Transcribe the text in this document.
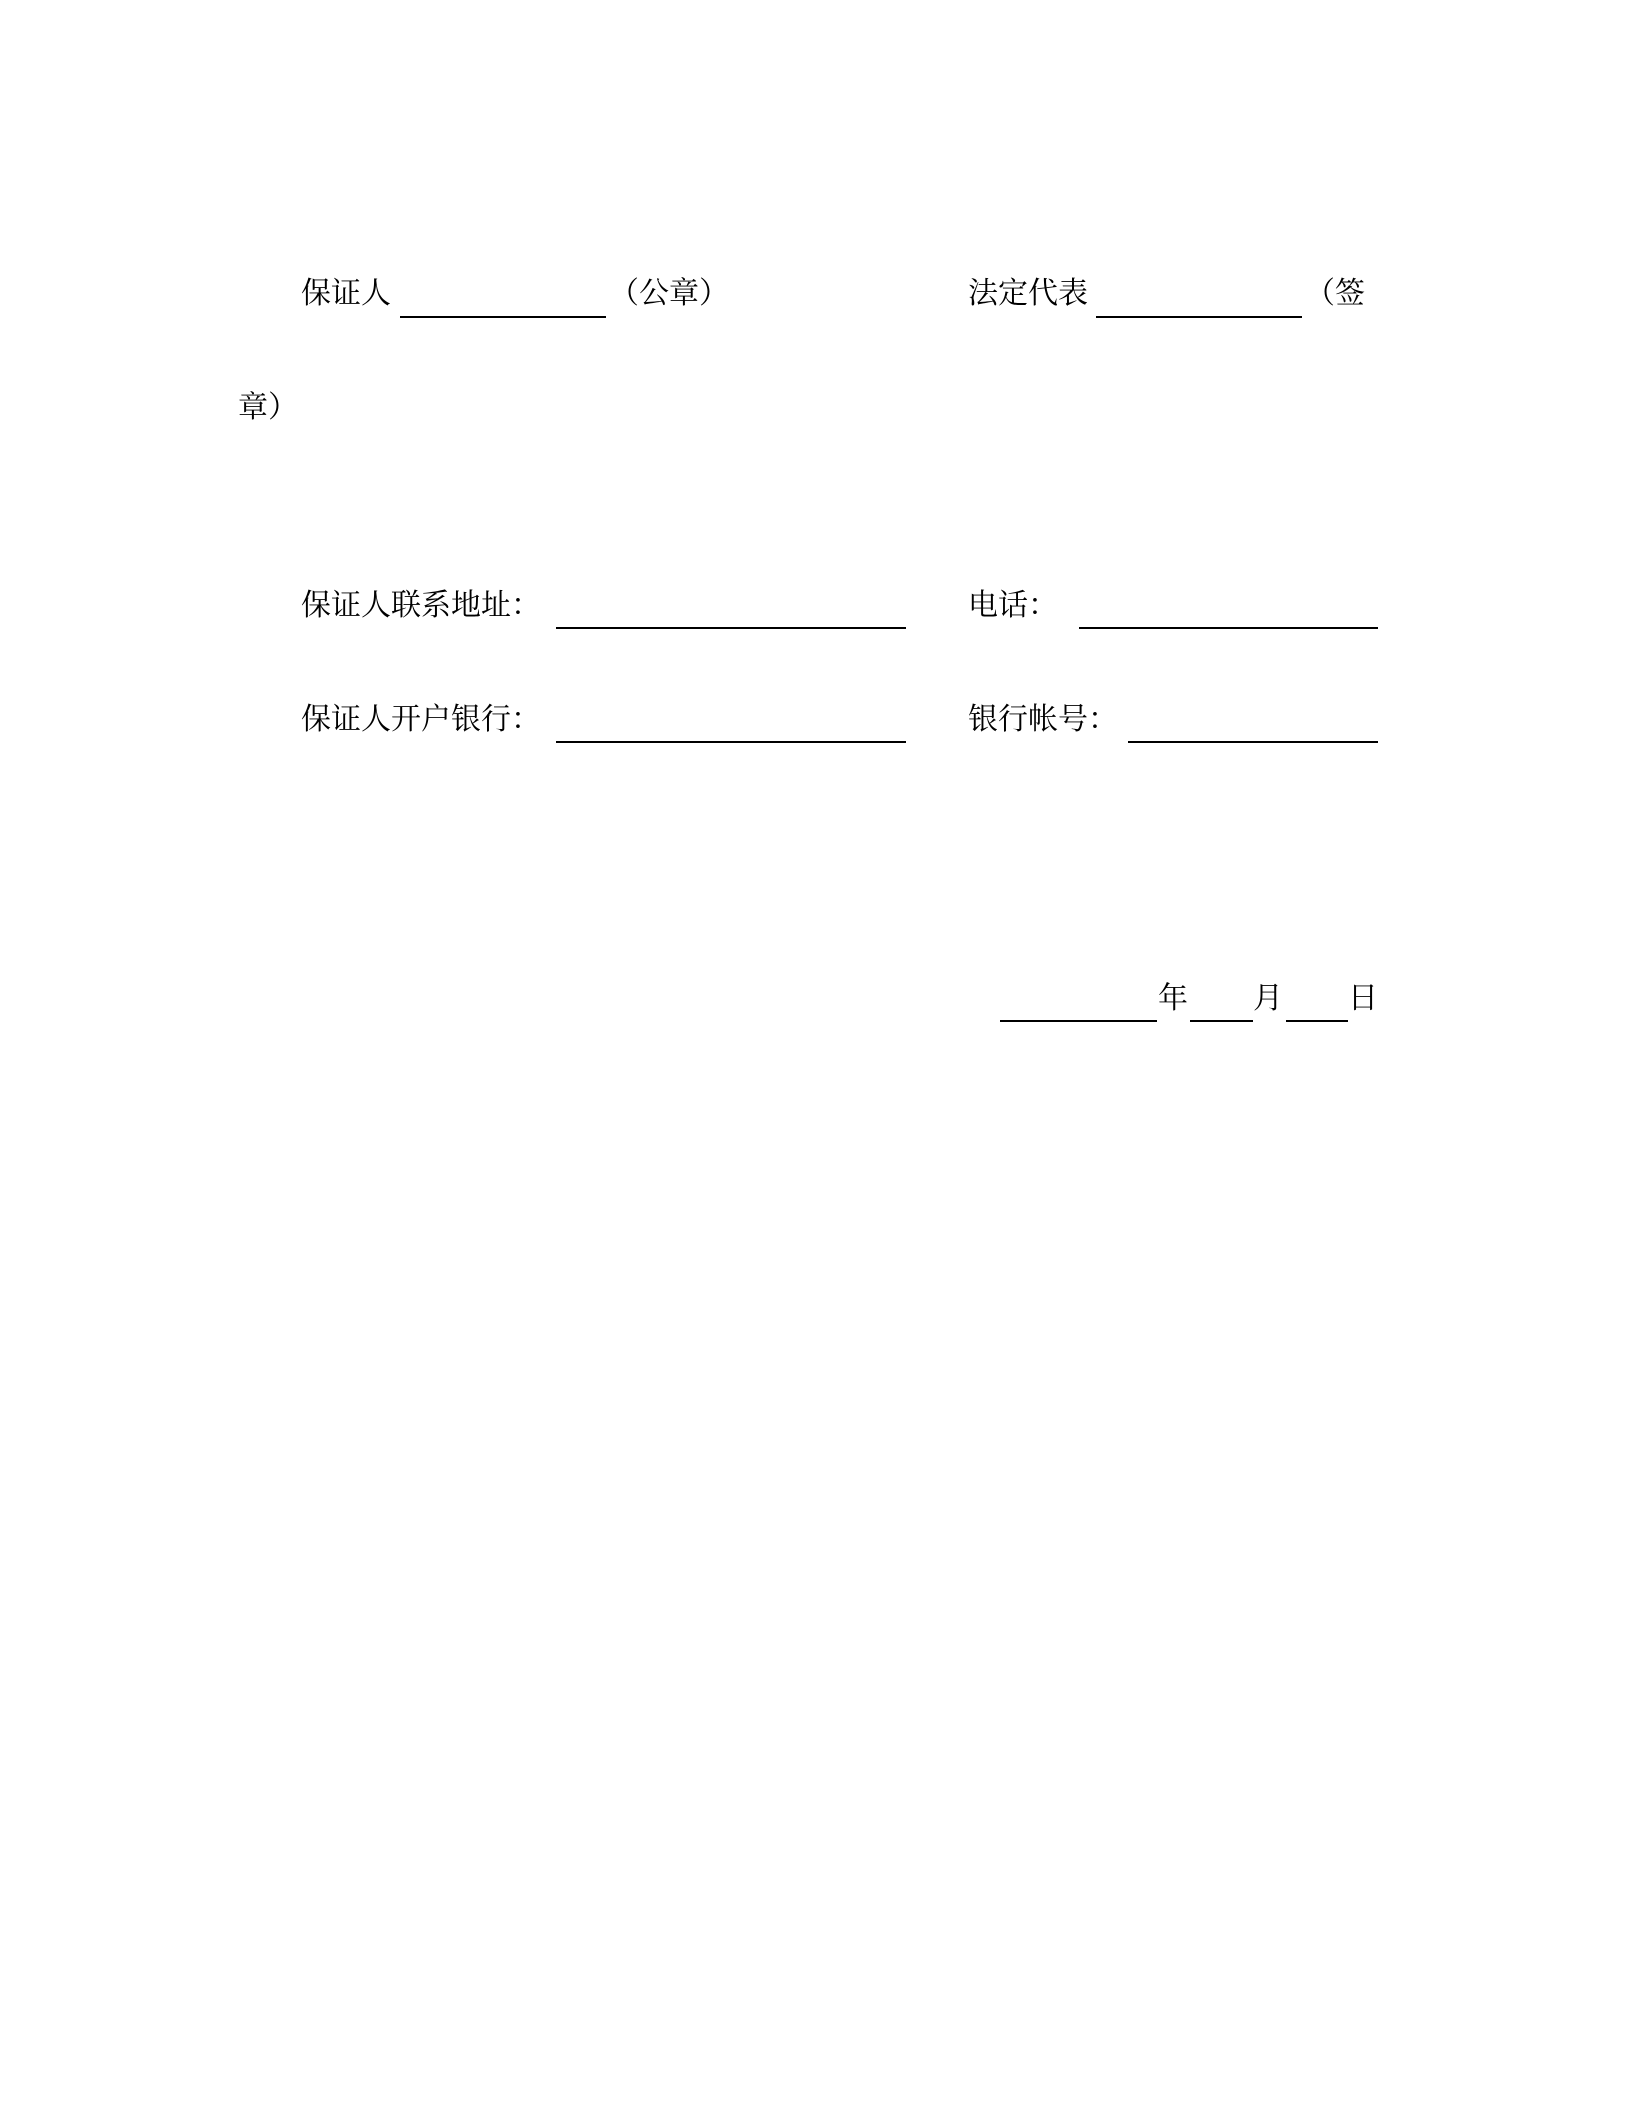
保证人	（公章）	法定代表	（签
章）
保证人联系地址：	电话：
保证人开户银行：	银行帐号：
年 月 日
